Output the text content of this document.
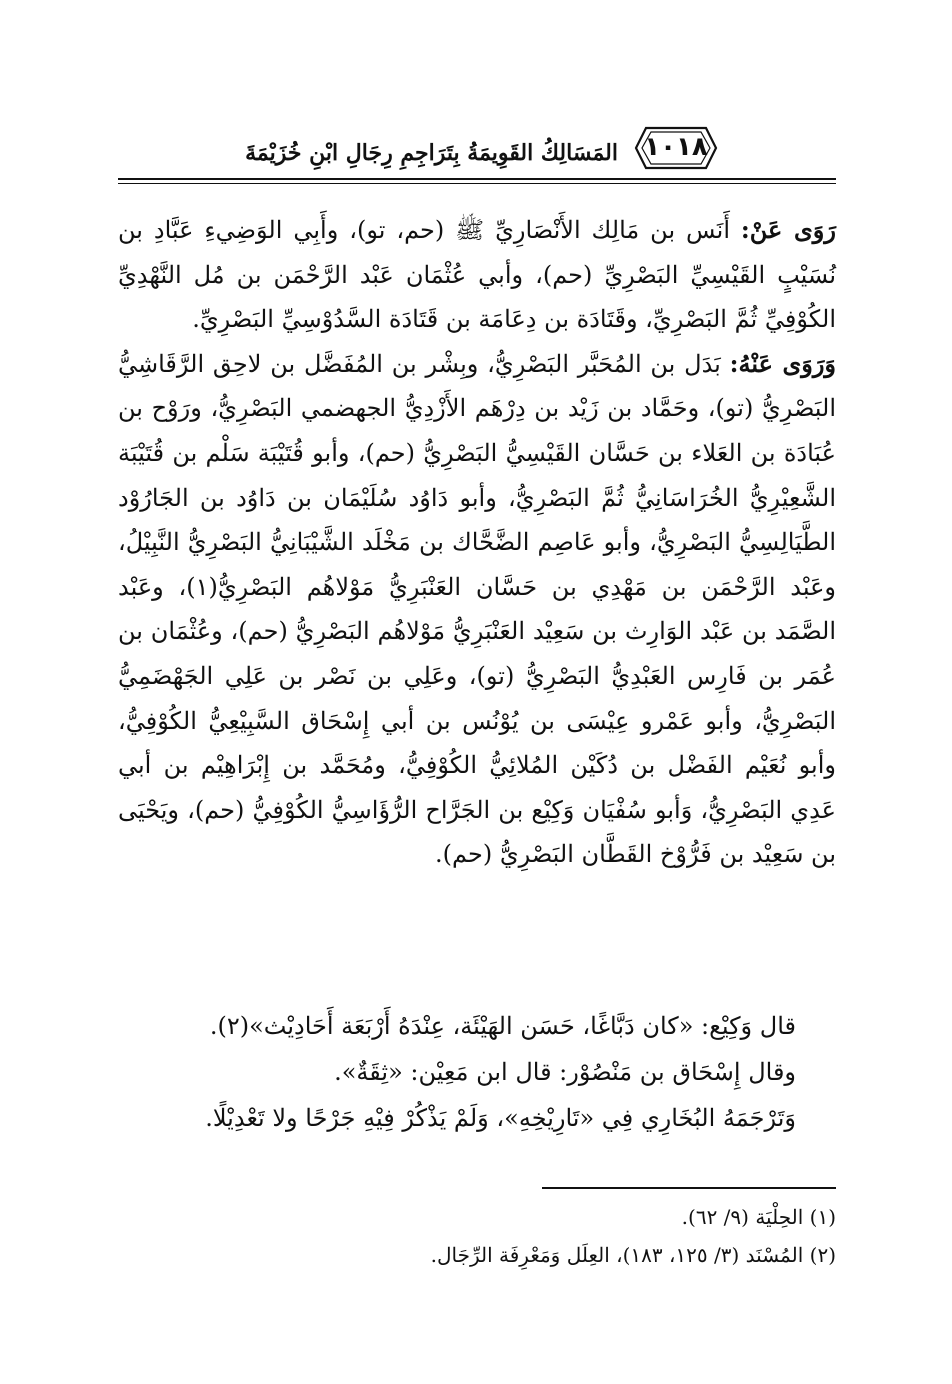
المَسَالِكُ القَوِيمَةُ بِتَرَاجِمِ رِجَالِ ابْنِ خُزَيْمَةَ	١٠١٨

رَوَى عَنْ: أَنَس بن مَالِك الأَنْصَارِيِّ ﷺ (حم، تو)، وأَبِي الوَضِيءِ عَبَّادِ بن نُسَيْبٍ القَيْسِيِّ البَصْرِيِّ (حم)، وأبي عُثْمَان عَبْد الرَّحْمَن بن مُل النَّهْدِيِّ الكُوْفِيِّ ثُمَّ البَصْرِيِّ، وقَتَادَة بن دِعَامَة بن قَتَادَة السَّدُوْسِيِّ البَصْرِيِّ.

وَرَوَى عَنْهُ: بَدَل بن المُحَبَّر البَصْرِيُّ، وبِشْر بن المُفَضَّل بن لاحِق الرَّقَاشِيُّ البَصْرِيُّ (تو)، وحَمَّاد بن زَيْد بن دِرْهَم الأَزْدِيُّ الجهضمي البَصْرِيُّ، ورَوْح بن عُبَادَة بن العَلاء بن حَسَّان القَيْسِيُّ البَصْرِيُّ (حم)، وأبو قُتَيْبَة سَلْم بن قُتَيْبَة الشَّعِيْرِيُّ الخُرَاسَانِيُّ ثُمَّ البَصْرِيُّ، وأبو دَاوُد سُلَيْمَان بن دَاوُد بن الجَارُوْد الطَّيَالِسِيُّ البَصْرِيُّ، وأبو عَاصِم الضَّحَّاك بن مَخْلَد الشَّيْبَانِيُّ البَصْرِيُّ النَّبِيْلُ، وعَبْد الرَّحْمَن بن مَهْدِي بن حَسَّان العَنْبَرِيُّ مَوْلاهُم البَصْرِيُّ(١)، وعَبْد الصَّمَد بن عَبْد الوَارِث بن سَعِيْد العَنْبَرِيُّ مَوْلاهُم البَصْرِيُّ (حم)، وعُثْمَان بن عُمَر بن فَارِس العَبْدِيُّ البَصْرِيُّ (تو)، وعَلِي بن نَصْر بن عَلِي الجَهْضَمِيُّ البَصْرِيُّ، وأبو عَمْرو عِيْسَى بن يُوْنُس بن أبي إِسْحَاق السَّبِيْعِيُّ الكُوْفِيُّ، وأبو نُعَيْم الفَضْل بن دُكَيْن المُلائِيُّ الكُوْفِيُّ، ومُحَمَّد بن إِبْرَاهِيْم بن أبي عَدِي البَصْرِيُّ، وَأبو سُفْيَان وَكِيْع بن الجَرَّاح الرُّؤَاسِيُّ الكُوْفِيُّ (حم)، ويَحْيَى بن سَعِيْد بن فَرُّوْخ القَطَّان البَصْرِيُّ (حم).

قال وَكِيْع: «كان دَبَّاغًا، حَسَن الهَيْئَة، عِنْدَهُ أَرْبَعَة أَحَادِيْث»(٢).
وقال إِسْحَاق بن مَنْصُوْر: قال ابن مَعِيْن: «ثِقَةٌ».
وَتَرْجَمَهُ البُخَارِي فِي «تَارِيْخِهِ»، وَلَمْ يَذْكُرْ فِيْهِ جَرْحًا ولا تَعْدِيْلًا.
(١) الحِلْيَة (٩/ ٦٢).
(٢) المُسْنَد (٣/ ١٢٥، ١٨٣)، العِلَل وَمَعْرِفَة الرِّجَال.
